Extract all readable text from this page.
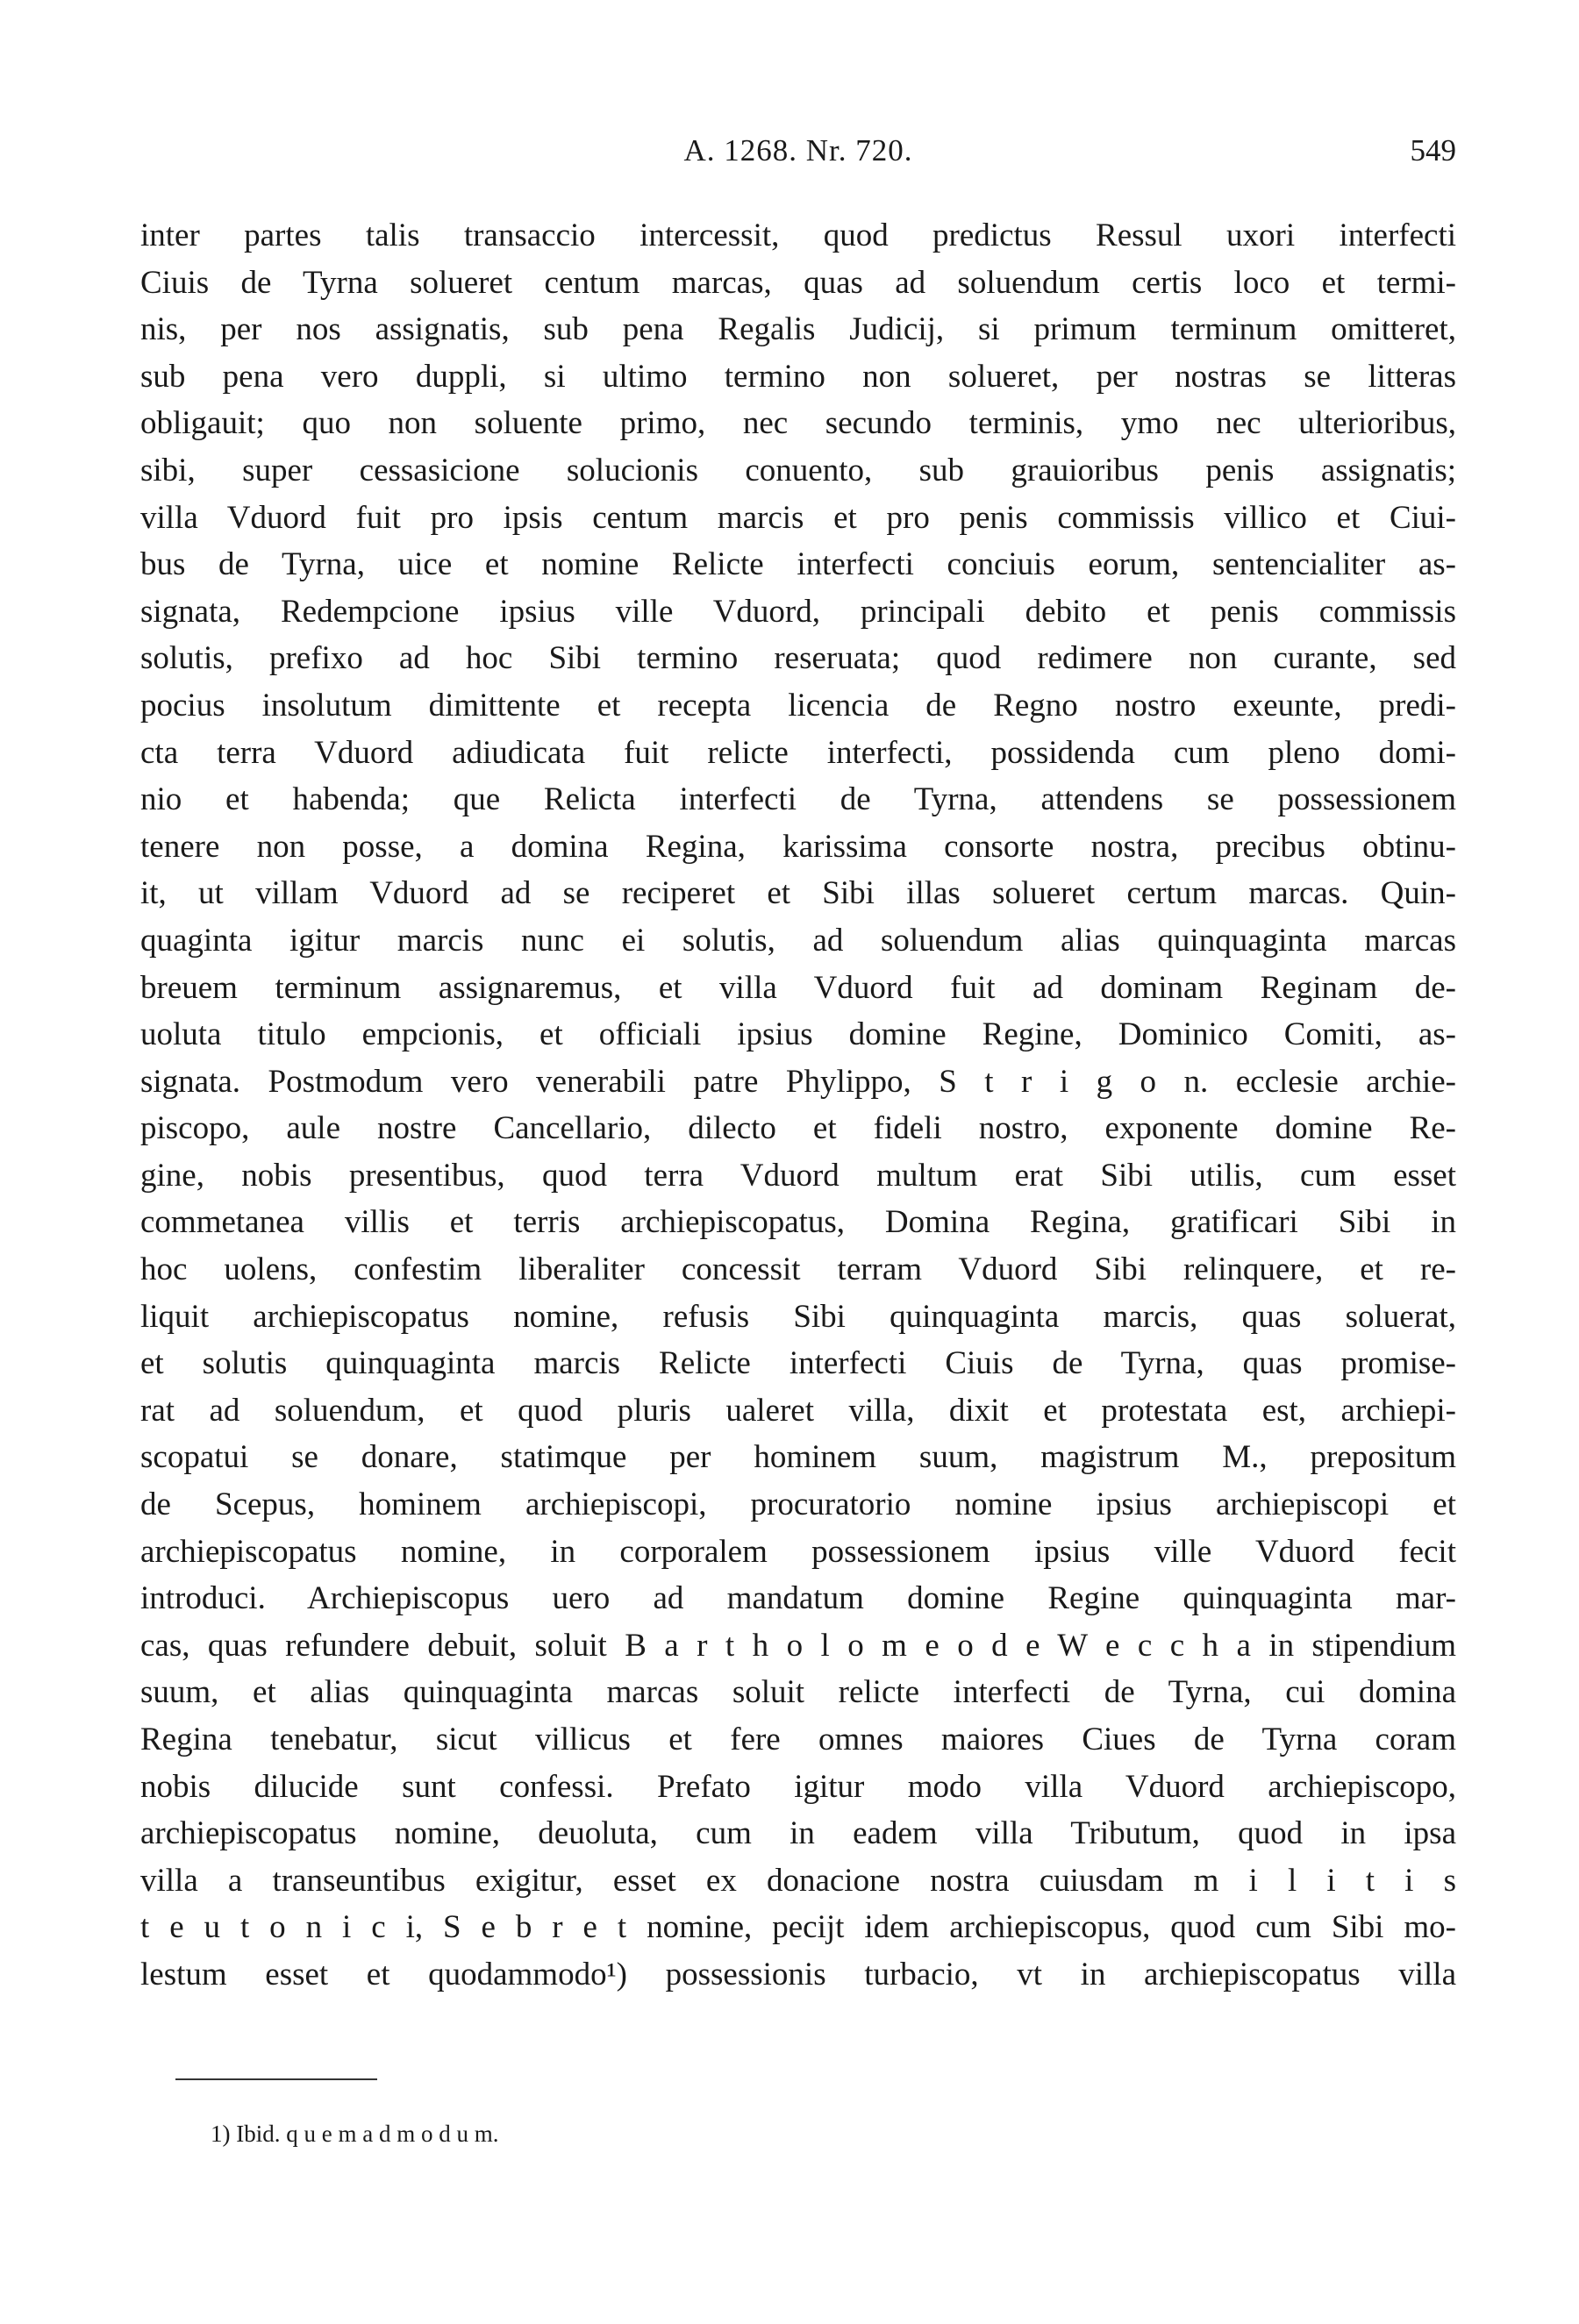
A. 1268. Nr. 720.	549
inter partes talis transaccio intercessit, quod predictus Ressul uxori interfecti
Ciuis de Tyrna solueret centum marcas, quas ad soluendum certis loco et termi-
nis, per nos assignatis, sub pena Regalis Judicij, si primum terminum omitteret,
sub pena vero duppli, si ultimo termino non solueret, per nostras se litteras
obligauit; quo non soluente primo, nec secundo terminis, ymo nec ulterioribus,
sibi, super cessasicione solucionis conuento, sub grauioribus penis assignatis;
villa Vduord fuit pro ipsis centum marcis et pro penis commissis villico et Ciui-
bus de Tyrna, uice et nomine Relicte interfecti conciuis eorum, sentencialiter as-
signata, Redempcione ipsius ville Vduord, principali debito et penis commissis
solutis, prefixo ad hoc Sibi termino reseruata; quod redimere non curante, sed
pocius insolutum dimittente et recepta licencia de Regno nostro exeunte, predi-
cta terra Vduord adiudicata fuit relicte interfecti, possidenda cum pleno domi-
nio et habenda; que Relicta interfecti de Tyrna, attendens se possessionem
tenere non posse, a domina Regina, karissima consorte nostra, precibus obtinu-
it, ut villam Vduord ad se reciperet et Sibi illas solueret certum marcas. Quin-
quaginta igitur marcis nunc ei solutis, ad soluendum alias quinquaginta marcas
breuem terminum assignaremus, et villa Vduord fuit ad dominam Reginam de-
uoluta titulo empcionis, et officiali ipsius domine Regine, Dominico Comiti, as-
signata. Postmodum vero venerabili patre Phylippo, S t r i g o n. ecclesie archie-
piscopo, aule nostre Cancellario, dilecto et fideli nostro, exponente domine Re-
gine, nobis presentibus, quod terra Vduord multum erat Sibi utilis, cum esset
commetanea villis et terris archiepiscopatus, Domina Regina, gratificari Sibi in
hoc uolens, confestim liberaliter concessit terram Vduord Sibi relinquere, et re-
liquit archiepiscopatus nomine, refusis Sibi quinquaginta marcis, quas soluerat,
et solutis quinquaginta marcis Relicte interfecti Ciuis de Tyrna, quas promise-
rat ad soluendum, et quod pluris ualeret villa, dixit et protestata est, archiepi-
scopatui se donare, statimque per hominem suum, magistrum M., prepositum
de Scepus, hominem archiepiscopi, procuratorio nomine ipsius archiepiscopi et
archiepiscopatus nomine, in corporalem possessionem ipsius ville Vduord fecit
introduci. Archiepiscopus uero ad mandatum domine Regine quinquaginta mar-
cas, quas refundere debuit, soluit B a r t h o l o m e o d e W e c c h a in stipendium
suum, et alias quinquaginta marcas soluit relicte interfecti de Tyrna, cui domina
Regina tenebatur, sicut villicus et fere omnes maiores Ciues de Tyrna coram
nobis dilucide sunt confessi. Prefato igitur modo villa Vduord archiepiscopo,
archiepiscopatus nomine, deuoluta, cum in eadem villa Tributum, quod in ipsa
villa a transeuntibus exigitur, esset ex donacione nostra cuiusdam m i l i t i s
t e u t o n i c i, S e b r e t nomine, pecijt idem archiepiscopus, quod cum Sibi mo-
lestum esset et quodammodo¹) possessionis turbacio, vt in archiepiscopatus villa
1) Ibid. q u e m a d m o d u m.
